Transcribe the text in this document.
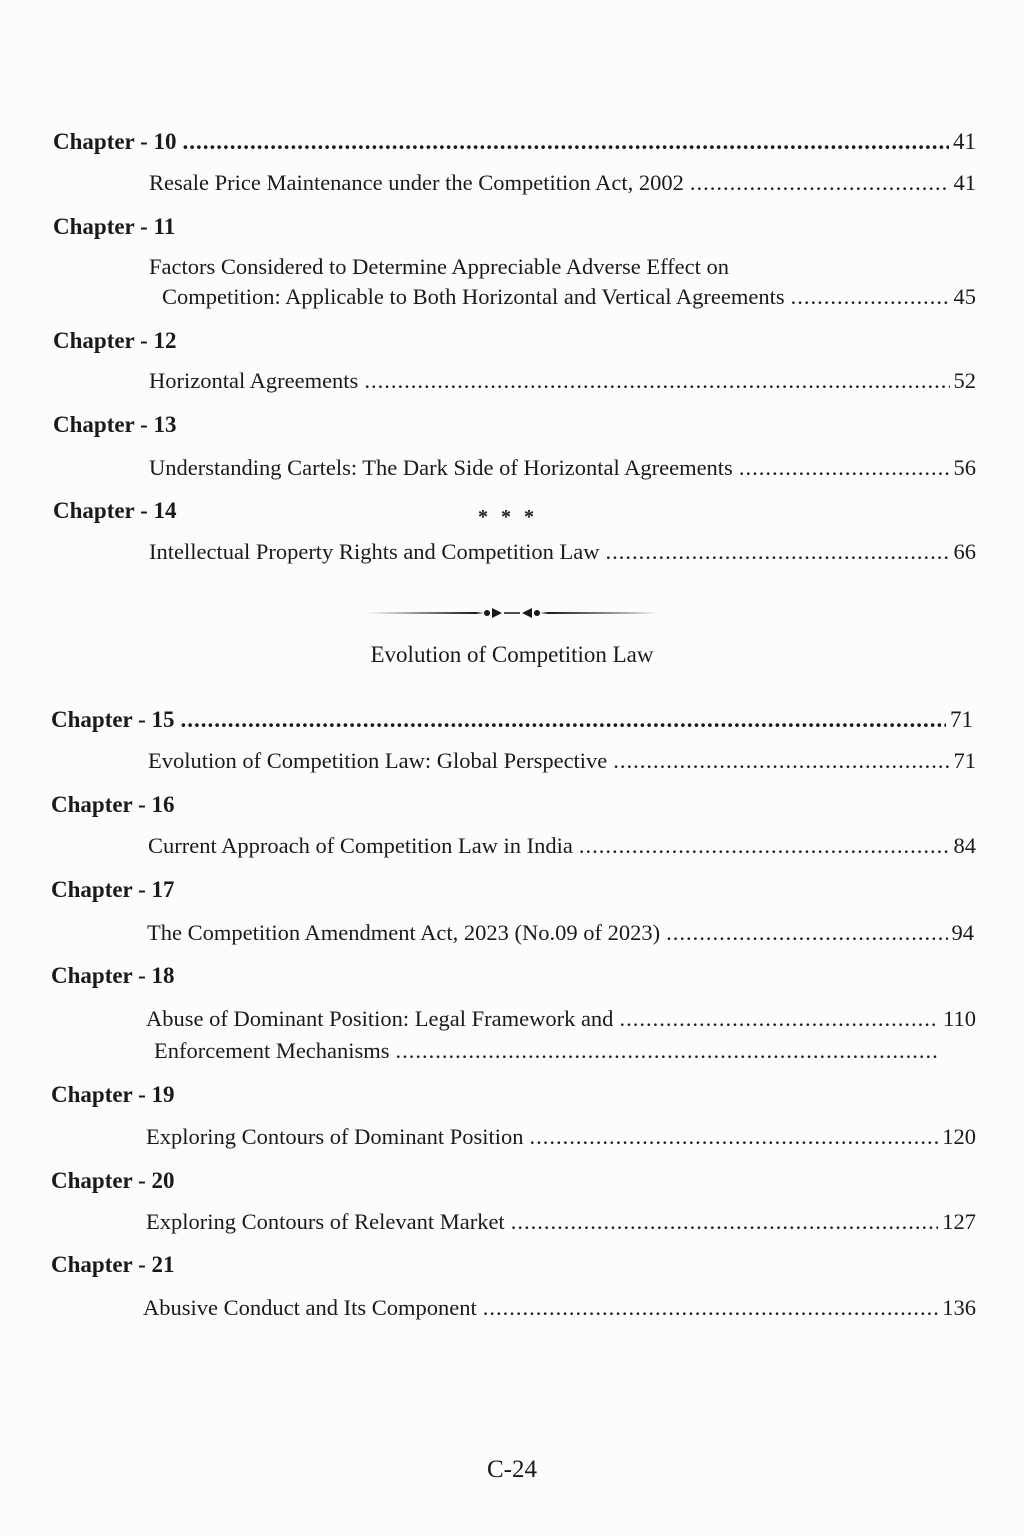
Chapter - 10 .....	41
Resale Price Maintenance under the Competition Act, 2002 .....	41
Chapter - 11
Factors Considered to Determine Appreciable Adverse Effect on
Competition: Applicable to Both Horizontal and Vertical Agreements .....	45
Chapter - 12
Horizontal Agreements .....	52
Chapter - 13
Understanding Cartels: The Dark Side of Horizontal Agreements .....	56
Chapter - 14	* * *
Intellectual Property Rights and Competition Law .....	66
Evolution of Competition Law
Chapter - 15 .....	71
Evolution of Competition Law: Global Perspective .....	71
Chapter - 16
Current Approach of Competition Law in India .....	84
Chapter - 17
The Competition Amendment Act, 2023 (No.09 of 2023) .....	94
Chapter - 18
Abuse of Dominant Position: Legal Framework and .....	110
Enforcement Mechanisms
.....
Chapter - 19
Exploring Contours of Dominant Position .....	120
Chapter - 20
Exploring Contours of Relevant Market .....	127
Chapter - 21
Abusive Conduct and Its Component .....	136
C-24
